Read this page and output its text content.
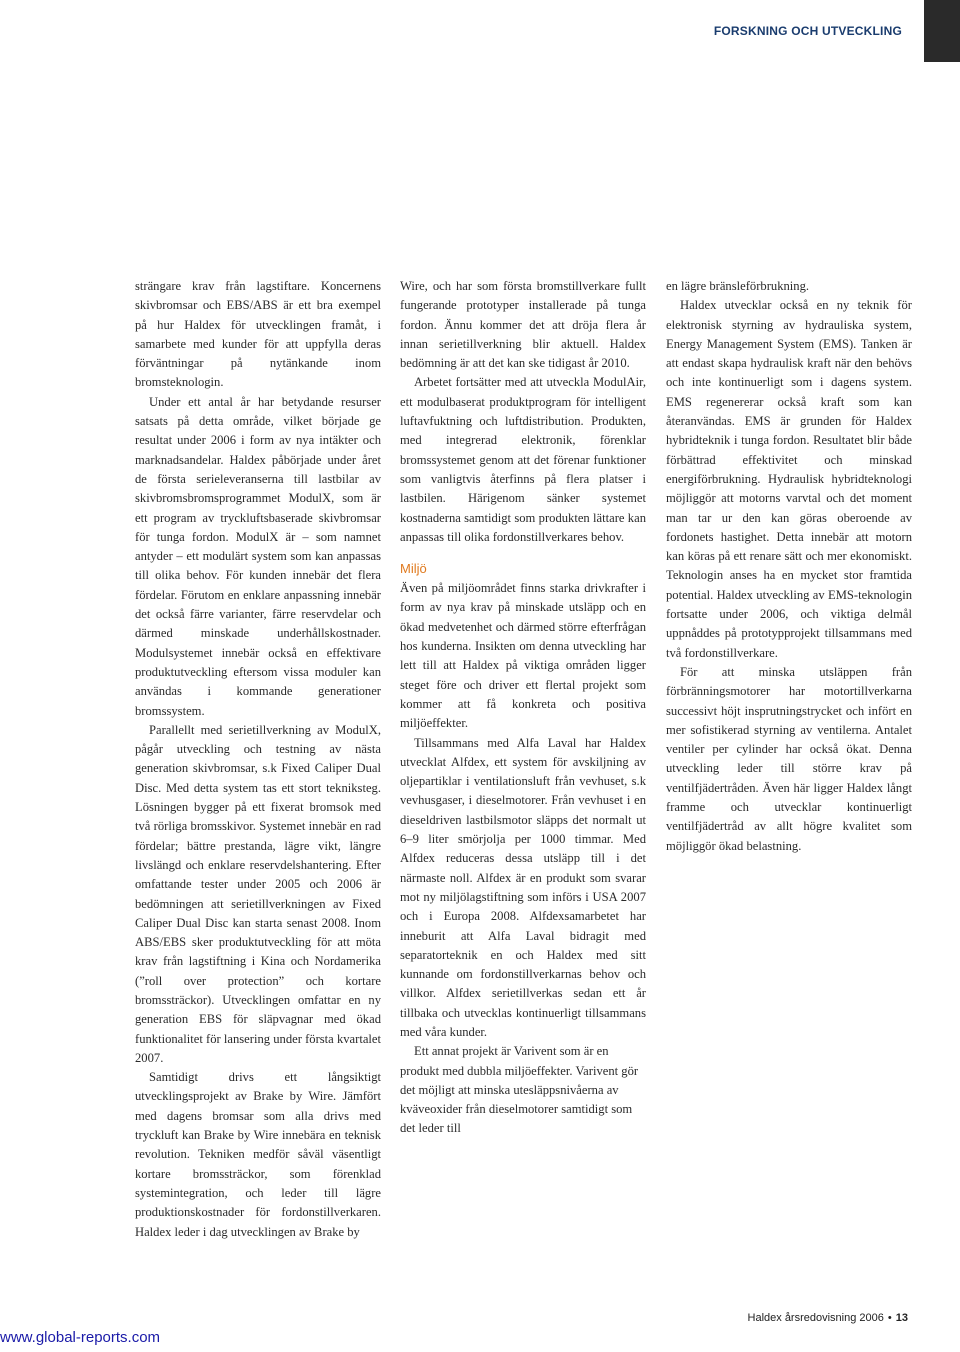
FORSKNING OCH UTVECKLING

strängare krav från lagstiftare. Koncernens skivbromsar och EBS/ABS är ett bra exempel på hur Haldex för utvecklingen framåt, i samarbete med kunder för att uppfylla deras förväntningar på nytänkande inom bromsteknologin.

Under ett antal år har betydande resurser satsats på detta område, vilket började ge resultat under 2006 i form av nya intäkter och marknadsandelar. Haldex påbörjade under året de första serieleveranserna till lastbilar av skivbromsbromsprogrammet ModulX, som är ett program av tryckluftsbaserade skivbromsar för tunga fordon. ModulX är – som namnet antyder – ett modulärt system som kan anpassas till olika behov. För kunden innebär det flera fördelar. Förutom en enklare anpassning innebär det också färre varianter, färre reservdelar och därmed minskade underhållskostnader. Modulsystemet innebär också en effektivare produktutveckling eftersom vissa moduler kan användas i kommande generationer bromssystem.

Parallellt med serietillverkning av ModulX, pågår utveckling och testning av nästa generation skivbromsar, s.k Fixed Caliper Dual Disc. Med detta system tas ett stort tekniksteg. Lösningen bygger på ett fixerat bromsok med två rörliga bromsskivor. Systemet innebär en rad fördelar; bättre prestanda, lägre vikt, längre livslängd och enklare reservdelshantering. Efter omfattande tester under 2005 och 2006 är bedömningen att serietillverkningen av Fixed Caliper Dual Disc kan starta senast 2008. Inom ABS/EBS sker produktutveckling för att möta krav från lagstiftning i Kina och Nordamerika (”roll over protection” och kortare bromssträckor). Utvecklingen omfattar en ny generation EBS för släpvagnar med ökad funktionalitet för lansering under första kvartalet 2007.

Samtidigt drivs ett långsiktigt utvecklingsprojekt av Brake by Wire. Jämfört med dagens bromsar som alla drivs med tryckluft kan Brake by Wire innebära en teknisk revolution. Tekniken medför såväl väsentligt kortare bromssträckor, som förenklad systemintegration, och leder till lägre produktionskostnader för fordonstillverkaren. Haldex leder i dag utvecklingen av Brake by

Wire, och har som första bromstillverkare fullt fungerande prototyper installerade på tunga fordon. Ännu kommer det att dröja flera år innan serietillverkning blir aktuell. Haldex bedömning är att det kan ske tidigast år 2010.

Arbetet fortsätter med att utveckla ModulAir, ett modulbaserat produktprogram för intelligent luftavfuktning och luftdistribution. Produkten, med integrerad elektronik, förenklar bromssystemet genom att det förenar funktioner som vanligtvis återfinns på flera platser i lastbilen. Härigenom sänker systemet kostnaderna samtidigt som produkten lättare kan anpassas till olika fordonstillverkares behov.

Miljö

Även på miljöområdet finns starka drivkrafter i form av nya krav på minskade utsläpp och en ökad medvetenhet och därmed större efterfrågan hos kunderna. Insikten om denna utveckling har lett till att Haldex på viktiga områden ligger steget före och driver ett flertal projekt som kommer att få konkreta och positiva miljöeffekter.

Tillsammans med Alfa Laval har Haldex utvecklat Alfdex, ett system för avskiljning av oljepartiklar i ventilationsluft från vevhuset, s.k vevhusgaser, i dieselmotorer. Från vevhuset i en dieseldriven lastbilsmotor släpps det normalt ut 6–9 liter smörjolja per 1000 timmar. Med Alfdex reduceras dessa utsläpp till i det närmaste noll. Alfdex är en produkt som svarar mot ny miljölagstiftning som införs i USA 2007 och i Europa 2008. Alfdexsamarbetet har inneburit att Alfa Laval bidragit med separatorteknik en och Haldex med sitt kunnande om fordonstillverkarnas behov och villkor. Alfdex serietillverkas sedan ett år tillbaka och utvecklas kontinuerligt tillsammans med våra kunder.

Ett annat projekt är Varivent som är en produkt med dubbla miljöeffekter. Varivent gör det möjligt att minska utesläppsnivåerna av kväveoxider från dieselmotorer samtidigt som det leder till

en lägre bränsleförbrukning.

Haldex utvecklar också en ny teknik för elektronisk styrning av hydrauliska system, Energy Management System (EMS). Tanken är att endast skapa hydraulisk kraft när den behövs och inte kontinuerligt som i dagens system. EMS regenererar också kraft som kan återanvändas. EMS är grunden för Haldex hybridteknik i tunga fordon. Resultatet blir både förbättrad effektivitet och minskad energiförbrukning. Hydraulisk hybridteknologi möjliggör att motorns varvtal och det moment man tar ur den kan göras oberoende av fordonets hastighet. Detta innebär att motorn kan köras på ett renare sätt och mer ekonomiskt. Teknologin anses ha en mycket stor framtida potential. Haldex utveckling av EMS-teknologin fortsatte under 2006, och viktiga delmål uppnåddes på prototypprojekt tillsammans med två fordonstillverkare.

För att minska utsläppen från förbränningsmotorer har motortillverkarna successivt höjt insprutningstrycket och infört en mer sofistikerad styrning av ventilerna. Antalet ventiler per cylinder har också ökat. Denna utveckling leder till större krav på ventilfjädertråden. Även här ligger Haldex långt framme och utvecklar kontinuerligt ventilfjädertråd av allt högre kvalitet som möjliggör ökad belastning.

www.global-reports.com
Haldex årsredovisning 2006 • 13
